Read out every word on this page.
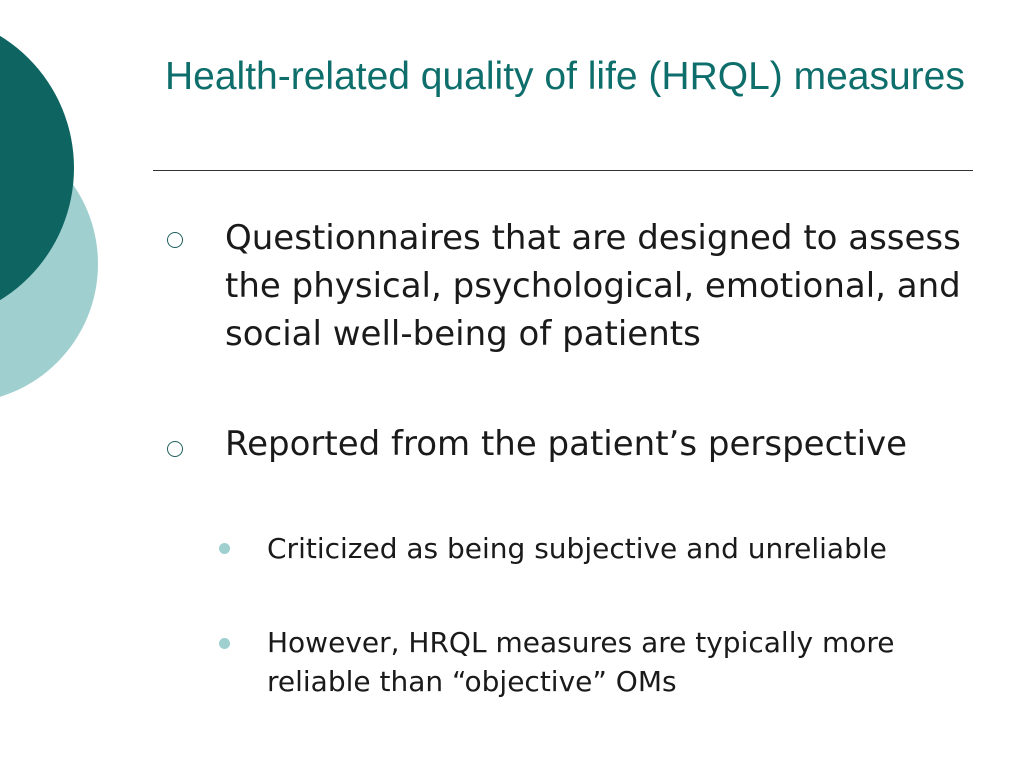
Health-related quality of life (HRQL) measures
Questionnaires that are designed to assess the physical, psychological, emotional, and social well-being of patients
Reported from the patient’s perspective
Criticized as being subjective and unreliable
However, HRQL measures are typically more reliable than “objective” OMs
